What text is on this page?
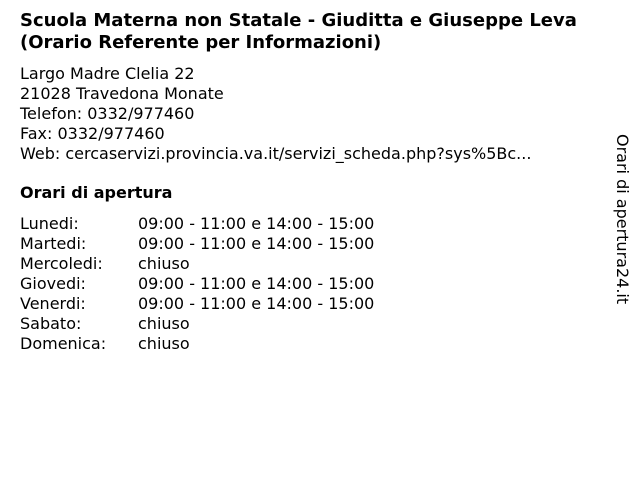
Scuola Materna non Statale - Giuditta e Giuseppe Leva (Orario Referente per Informazioni)
Largo Madre Clelia 22
21028 Travedona Monate
Telefon: 0332/977460
Fax: 0332/977460
Web: cercaservizi.provincia.va.it/servizi_scheda.php?sys%5Bc...
Orari di apertura
Lunedi:	09:00 - 11:00 e 14:00 - 15:00
Martedi:	09:00 - 11:00 e 14:00 - 15:00
Mercoledi:	chiuso
Giovedi:	09:00 - 11:00 e 14:00 - 15:00
Venerdi:	09:00 - 11:00 e 14:00 - 15:00
Sabato:	chiuso
Domenica:	chiuso
Orari di apertura24.it
